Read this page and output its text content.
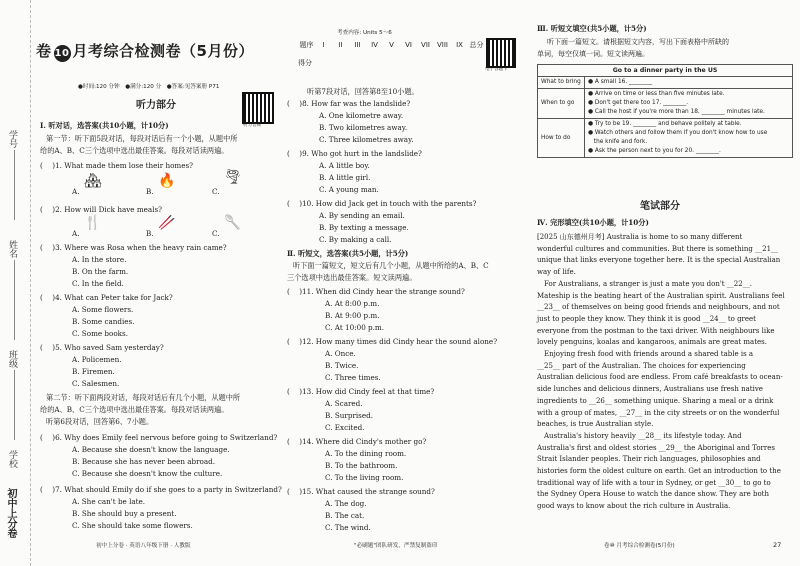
学号
姓名
班级
学校
初中上分卷
卷 10 月考综合检测卷（5月份）
●时间:120 分钟　●满分:120 分　●答案:见答案册 P71
听力音频
考查内容: Units 5～6
题序 I II III IV V VI VII VIII IX 总分
得分
电子答题卡
听力部分
Ⅰ. 听对话，选答案(共10小题，计10分)
第一节：听下面5段对话，每段对话后有一个小题，从题中所
给的A、B、C三个选项中选出最佳答案。每段对话读两遍。
( 　)1. What made them lose their homes?
A.
🏘
B.
🔥
C.
🌪
( 　)2. How will Dick have meals?
A.
🍴
B.
🥢
C.
🥄
( 　)3. Where was Rosa when the heavy rain came?
A. In the store.
B. On the farm.
C. In the field.
( 　)4. What can Peter take for Jack?
A. Some flowers.
B. Some candies.
C. Some books.
( 　)5. Who saved Sam yesterday?
A. Policemen.
B. Firemen.
C. Salesmen.
第二节：听下面两段对话，每段对话后有几个小题，从题中所
给的A、B、C三个选项中选出最佳答案。每段对话读两遍。
听第6段对话，回答第6、7小题。
( 　)6. Why does Emily feel nervous before going to Switzerland?
A. Because she doesn't know the language.
B. Because she has never been abroad.
C. Because she doesn't know the culture.
( 　)7. What should Emily do if she goes to a party in Switzerland?
A. She can't be late.
B. She should buy a present.
C. She should take some flowers.
初中上分卷 · 英语八年级下册 · 人教版
听第7段对话，回答第8至10小题。
( 　)8. How far was the landslide?
A. One kilometre away.
B. Two kilometres away.
C. Three kilometres away.
( 　)9. Who got hurt in the landslide?
A. A little boy.
B. A little girl.
C. A young man.
( 　)10. How did Jack get in touch with the parents?
A. By sending an email.
B. By texting a message.
C. By making a call.
Ⅱ. 听短文，选答案(共5小题，计5分)
听下面一篇短文，短文后有几个小题，从题中所给的A、B、C
三个选项中选出最佳答案。短文读两遍。
( 　)11. When did Cindy hear the strange sound?
A. At 8:00 p.m.
B. At 9:00 p.m.
C. At 10:00 p.m.
( 　)12. How many times did Cindy hear the sound alone?
A. Once.
B. Twice.
C. Three times.
( 　)13. How did Cindy feel at that time?
A. Scared.
B. Surprised.
C. Excited.
( 　)14. Where did Cindy's mother go?
A. To the dining room.
B. To the bathroom.
C. To the living room.
( 　)15. What caused the strange sound?
A. The dog.
B. The cat.
C. The wind.
"必刷题"团队研发，严禁复制盗印
Ⅲ. 听短文填空(共5小题，计5分)
听下面一篇短文。请根据短文内容，写出下面表格中所缺的
单词，每空仅填一词。短文读两遍。
Go to a dinner party in the US	
What to bring	● A small 16. ________

When to go	● Arrive on time or less than five minutes late.
● Don't get there too 17. ________.
● Call the host if you're more than 18. ________ minutes late.

How to do	● Try to be 19. ________ and behave politely at table.
● Watch others and follow them if you don't know how to use
　the knife and fork.
● Ask the person next to you for 20. ________.
笔试部分
Ⅳ. 完形填空(共10小题，计10分)
[2025 山东德州月考] Australia is home to so many different
wonderful cultures and communities. But there is something __21__
unique that links everyone together here. It is the special Australian
way of life.
　For Australians, a stranger is just a mate you don't __22__.
Mateship is the beating heart of the Australian spirit. Australians feel
__23__ of themselves on being good friends and neighbours, and not
just to people they know. They think it is good __24__ to greet
everyone from the postman to the taxi driver. With neighbours like
lovely penguins, koalas and kangaroos, animals are great mates.
　Enjoying fresh food with friends around a shared table is a
__25__ part of the Australian. The choices for experiencing
Australian delicious food are endless. From café breakfasts to ocean-
side lunches and delicious dinners, Australians use fresh native
ingredients to __26__ something unique. Sharing a meal or a drink
with a group of mates, __27__ in the city streets or on the wonderful
beaches, is true Australian style.
　Australia's history heavily __28__ its lifestyle today. And
Australia's first and oldest stories __29__ the Aboriginal and Torres
Strait Islander peoples. Their rich languages, philosophies and
histories form the oldest culture on earth. Get an introduction to the
traditional way of life with a tour in Sydney, or get __30__ to go to
the Sydney Opera House to watch the dance show. They are both
good ways to know about the rich culture in Australia.
卷⑩ 月考综合检测卷(5月份)	27
